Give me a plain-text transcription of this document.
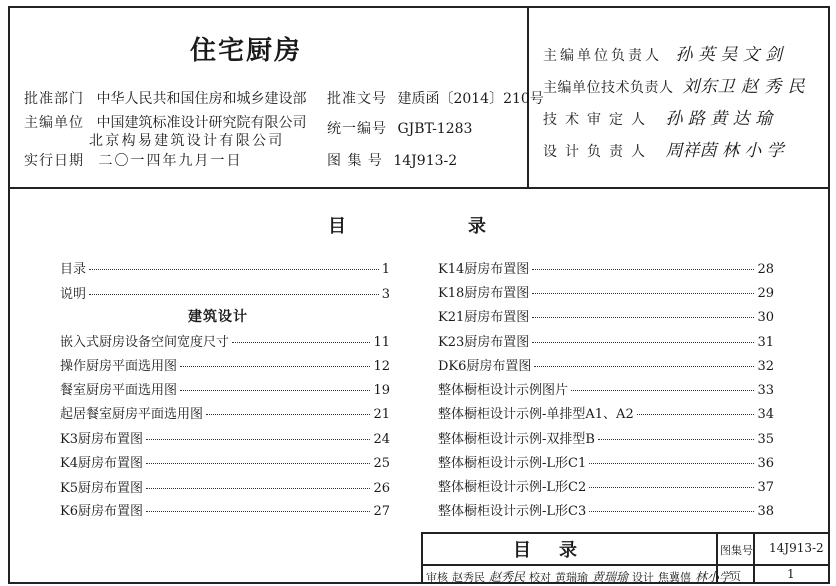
住宅厨房
批准部门 中华人民共和国住房和城乡建设部
主编单位 中国建筑标准设计研究院有限公司
北京构易建筑设计有限公司
实行日期 二〇一四年九月一日
批准文号 建质函〔2014〕210号
统一编号 GJBT-1283
图 集 号 14J913-2
主编单位负责人 孙 英 吴 文 剑
主编单位技术负责人 刘东卫 赵 秀 民
技术审定人 孙 路 黄 达 瑜
设计负责人 周祥茵 林 小 学
目	录
目录	1
说明	3
建筑设计
嵌入式厨房设备空间宽度尺寸	11
操作厨房平面选用图	12
餐室厨房平面选用图	19
起居餐室厨房平面选用图	21
K3厨房布置图	24
K4厨房布置图	25
K5厨房布置图	26
K6厨房布置图	27
K14厨房布置图	28
K18厨房布置图	29
K21厨房布置图	30
K23厨房布置图	31
DK6厨房布置图	32
整体橱柜设计示例图片	33
整体橱柜设计示例-单排型A1、A2	34
整体橱柜设计示例-双排型B	35
整体橱柜设计示例-L形C1	36
整体橱柜设计示例-L形C2	37
整体橱柜设计示例-L形C3	38
目录	图集号 14J913-2
页	1
审核 赵秀民 赵秀民 校对 黄瑞瑜 黄瑞瑜 设计 焦冀僖 林小学
